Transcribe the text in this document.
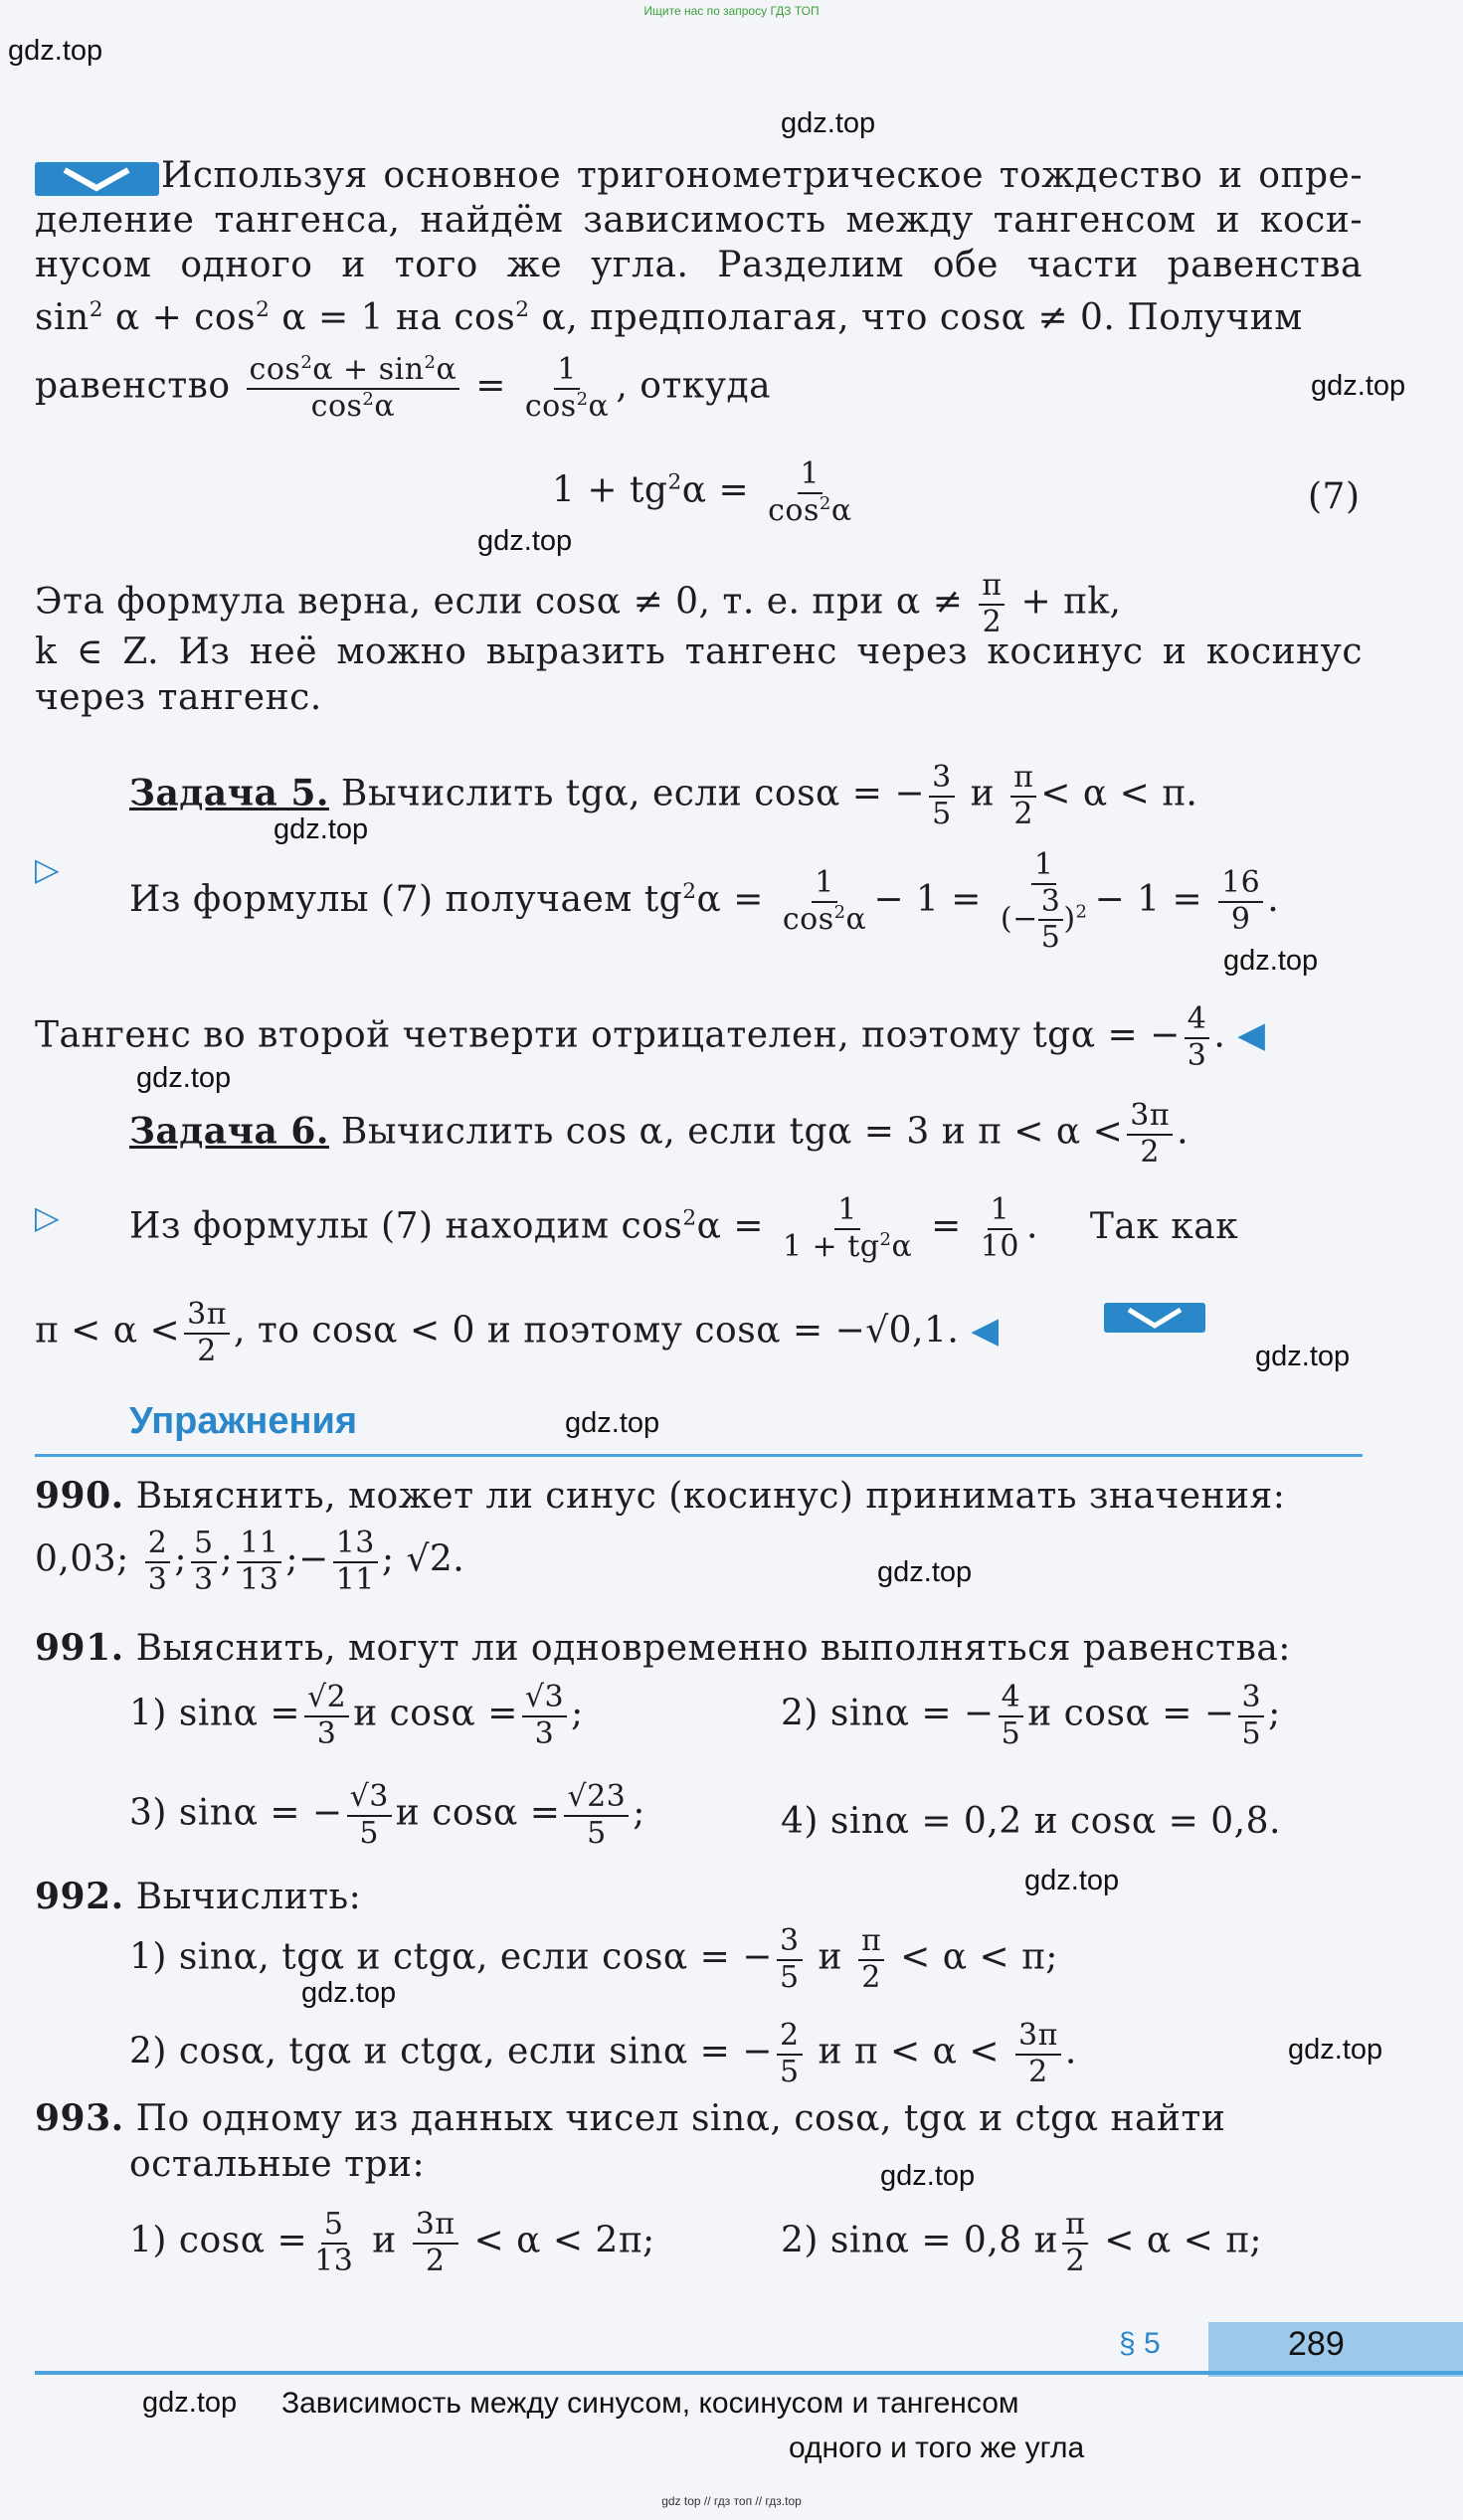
Ищите нас по запросу ГДЗ ТОП
gdz top // гдз топ // гдз.top
gdz.top
gdz.top
gdz.top
gdz.top
gdz.top
gdz.top
gdz.top
gdz.top
gdz.top
gdz.top
gdz.top
gdz.top
gdz.top
gdz.top
Используя основное тригонометрическое тождество и опре-
деление тангенса, найдём зависимость между тангенсом и коси-
нусом одного и того же угла. Разделим обе части равенства
$\sin^2 \alpha + \cos^2 \alpha = 1$ на $\cos^2 \alpha$, предполагая, что cosα ≠ 0. Получим
равенство $\frac{\cos^2\alpha + \sin^2\alpha}{\cos^2\alpha} = \frac{1}{\cos^2\alpha}$ , откуда
$1 + tg^2\alpha = \frac{1}{\cos^2\alpha}$	(7)
Эта формула верна, если cosα ≠ 0, т. е. при $\alpha \ne \frac{\pi}{2} + \pi k$,
k ∈ Z. Из неё можно выразить тангенс через косинус и косинус
через тангенс.
Задача 5. Вычислить tgα, если cosα = − $\frac{3}{5}$ и $\frac{\pi}{2} < \alpha < \pi$.
▷
Из формулы (7) получаем $tg^2\alpha = \frac{1}{\cos^2\alpha} - 1 = \frac{1}{(- \frac{3}{5} )^2} - 1 = \frac{16}{9}$ .
Тангенс во второй четверти отрицателен, поэтому tgα = − $\frac{4}{3}$ . ◀
Задача 6. Вычислить cos α, если tgα = 3 и $\pi < \alpha < \frac{3\pi}{2}$ .
▷ Из формулы (7) находим $\cos^2\alpha = \frac{1}{1 + tg^2\alpha} = \frac{1}{10}$ . Так как
$\pi < \alpha < \frac{3\pi}{2}$ , то cosα < 0 и поэтому cosα = −√0,1. ◀
Упражнения
990. Выяснить, может ли синус (косинус) принимать значения:
0,03; $\frac{2}{3}$ ; $\frac{5}{3}$ ; $\frac{11}{13}$ ;− $\frac{13}{11}$ ; √2.
991. Выяснить, могут ли одновременно выполняться равенства:
1) $\sin\alpha = \frac{√2}{3}$ и $\cos\alpha = \frac{√3}{3}$ ;	2) sinα = − $\frac{4}{5}$ и cosα = − $\frac{3}{5}$ ;
3) sinα = − $\frac{√3}{5}$ и $\cos\alpha = \frac{√23}{5}$ ;	4) sinα = 0,2 и cosα = 0,8.
992. Вычислить:
1) sinα, tgα и ctgα, если cosα = − $\frac{3}{5}$ и $\frac{\pi}{2} < \alpha < \pi$;
2) cosα, tgα и ctgα, если sinα = − $\frac{2}{5}$ и $\pi < \alpha < \frac{3\pi}{2}$ .
993. По одному из данных чисел sinα, cosα, tgα и ctgα найти
остальные три:
1) $\cos\alpha = \frac{5}{13}$ и $\frac{3\pi}{2} < \alpha < 2\pi$;	2) sinα = 0,8 и $\frac{\pi}{2} < \alpha < \pi$;
§ 5	289
gdz.top Зависимость между синусом, косинусом и тангенсом
одного и того же угла
